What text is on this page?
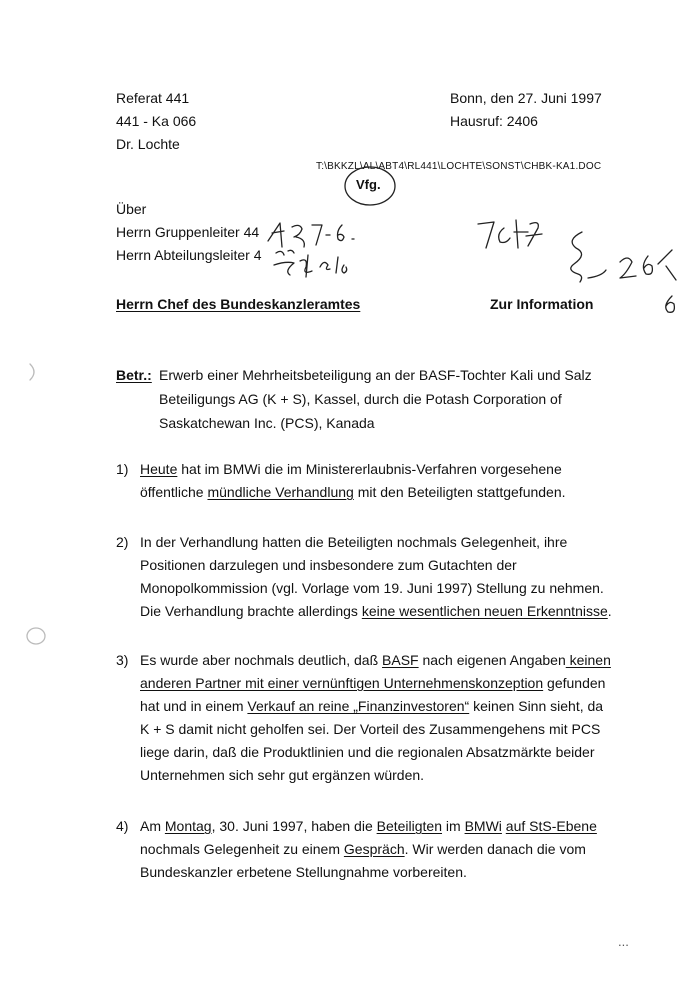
Referat 441
441 - Ka 066
Dr. Lochte
Bonn, den 27. Juni 1997
Hausruf: 2406
T:\BKKZL\AL\ABT4\RL441\LOCHTE\SONST\CHBK-KA1.DOC
Vfg.
Über
Herrn Gruppenleiter 44
Herrn Abteilungsleiter 4
Herrn Chef des Bundeskanzleramtes	Zur Information
Betr.: Erwerb einer Mehrheitsbeteiligung an der BASF-Tochter Kali und Salz
Beteiligungs AG (K + S), Kassel, durch die Potash Corporation of
Saskatchewan Inc. (PCS), Kanada
1) Heute hat im BMWi die im Ministererlaubnis-Verfahren vorgesehene
öffentliche mündliche Verhandlung mit den Beteiligten stattgefunden.
2) In der Verhandlung hatten die Beteiligten nochmals Gelegenheit, ihre
Positionen darzulegen und insbesondere zum Gutachten der
Monopolkommission (vgl. Vorlage vom 19. Juni 1997) Stellung zu nehmen.
Die Verhandlung brachte allerdings keine wesentlichen neuen Erkenntnisse.
3) Es wurde aber nochmals deutlich, daß BASF nach eigenen Angaben keinen
anderen Partner mit einer vernünftigen Unternehmenskonzeption gefunden
hat und in einem Verkauf an reine „Finanzinvestoren“ keinen Sinn sieht, da
K + S damit nicht geholfen sei. Der Vorteil des Zusammengehens mit PCS
liege darin, daß die Produktlinien und die regionalen Absatzmärkte beider
Unternehmen sich sehr gut ergänzen würden.
4) Am Montag, 30. Juni 1997, haben die Beteiligten im BMWi auf StS-Ebene
nochmals Gelegenheit zu einem Gespräch. Wir werden danach die vom
Bundeskanzler erbetene Stellungnahme vorbereiten.
...
